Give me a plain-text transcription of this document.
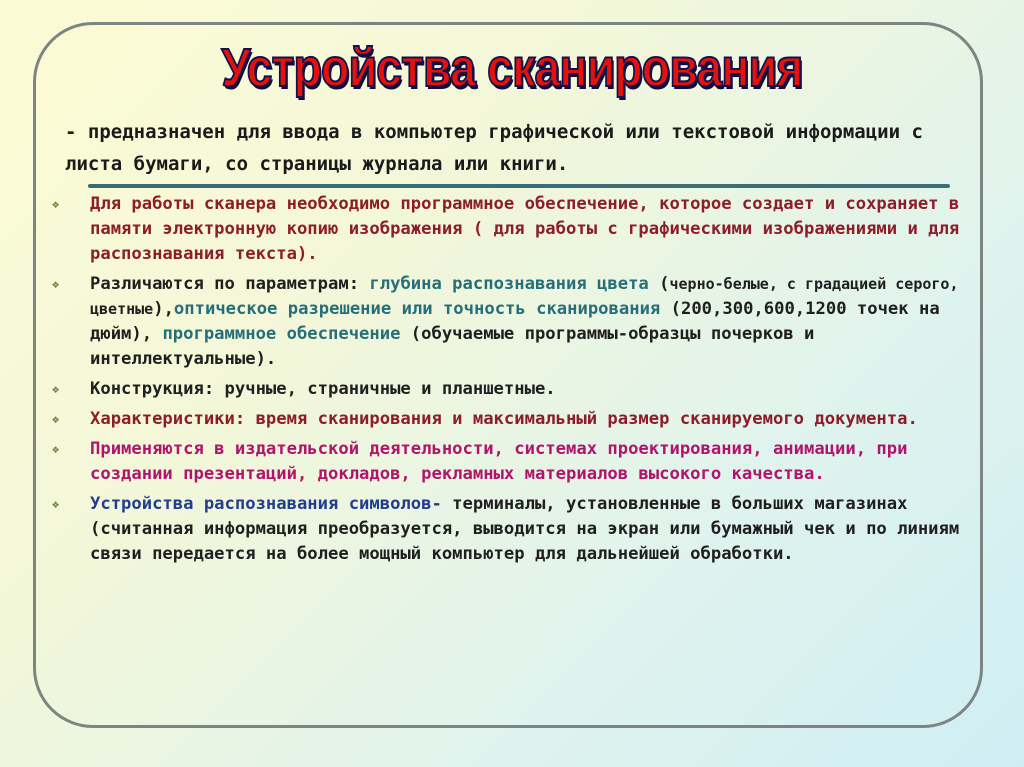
Устройства сканирования

- предназначен для ввода в компьютер графической или текстовой информации с листа бумаги, со страницы журнала или книги.

❖	Для работы сканера необходимо программное обеспечение, которое создает и сохраняет в памяти электронную копию изображения ( для работы с графическими изображениями и для распознавания текста).
❖	Различаются по параметрам: глубина распознавания цвета (черно-белые, с градацией серого, цветные),оптическое разрешение или точность сканирования (200,300,600,1200 точек на дюйм), программное обеспечение (обучаемые программы-образцы почерков и интеллектуальные).
❖	Конструкция: ручные, страничные и планшетные.
❖	Характеристики: время сканирования и максимальный размер сканируемого документа.
❖	Применяются в издательской деятельности, системах проектирования, анимации, при создании презентаций, докладов, рекламных материалов высокого качества.
❖	Устройства распознавания символов- терминалы, установленные в больших магазинах (считанная информация преобразуется, выводится на экран или бумажный чек и по линиям связи передается на более мощный компьютер для дальнейшей обработки.
